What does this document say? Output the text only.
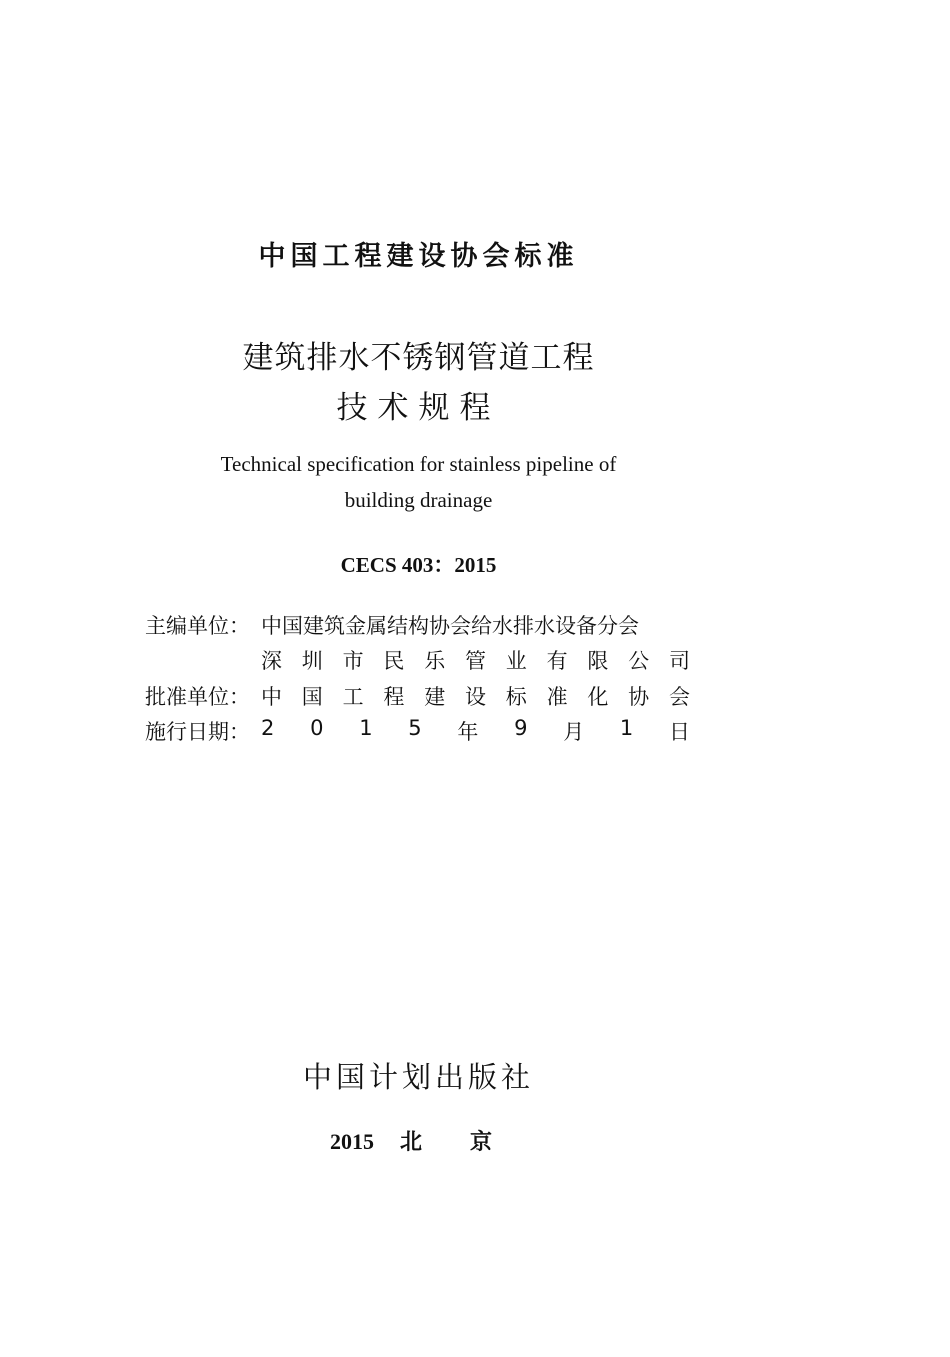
中国工程建设协会标准
建筑排水不锈钢管道工程
技术规程
Technical specification for stainless pipeline of
building drainage
CECS 403：2015
主编单位： 中国建筑金属结构协会给水排水设备分会
深 圳 市 民 乐 管 业 有 限 公 司
批准单位： 中 国 工 程 建 设 标 准 化 协 会
施行日期： 2 0 1 5 年 9 月 1 日
中国计划出版社
2015 北京
